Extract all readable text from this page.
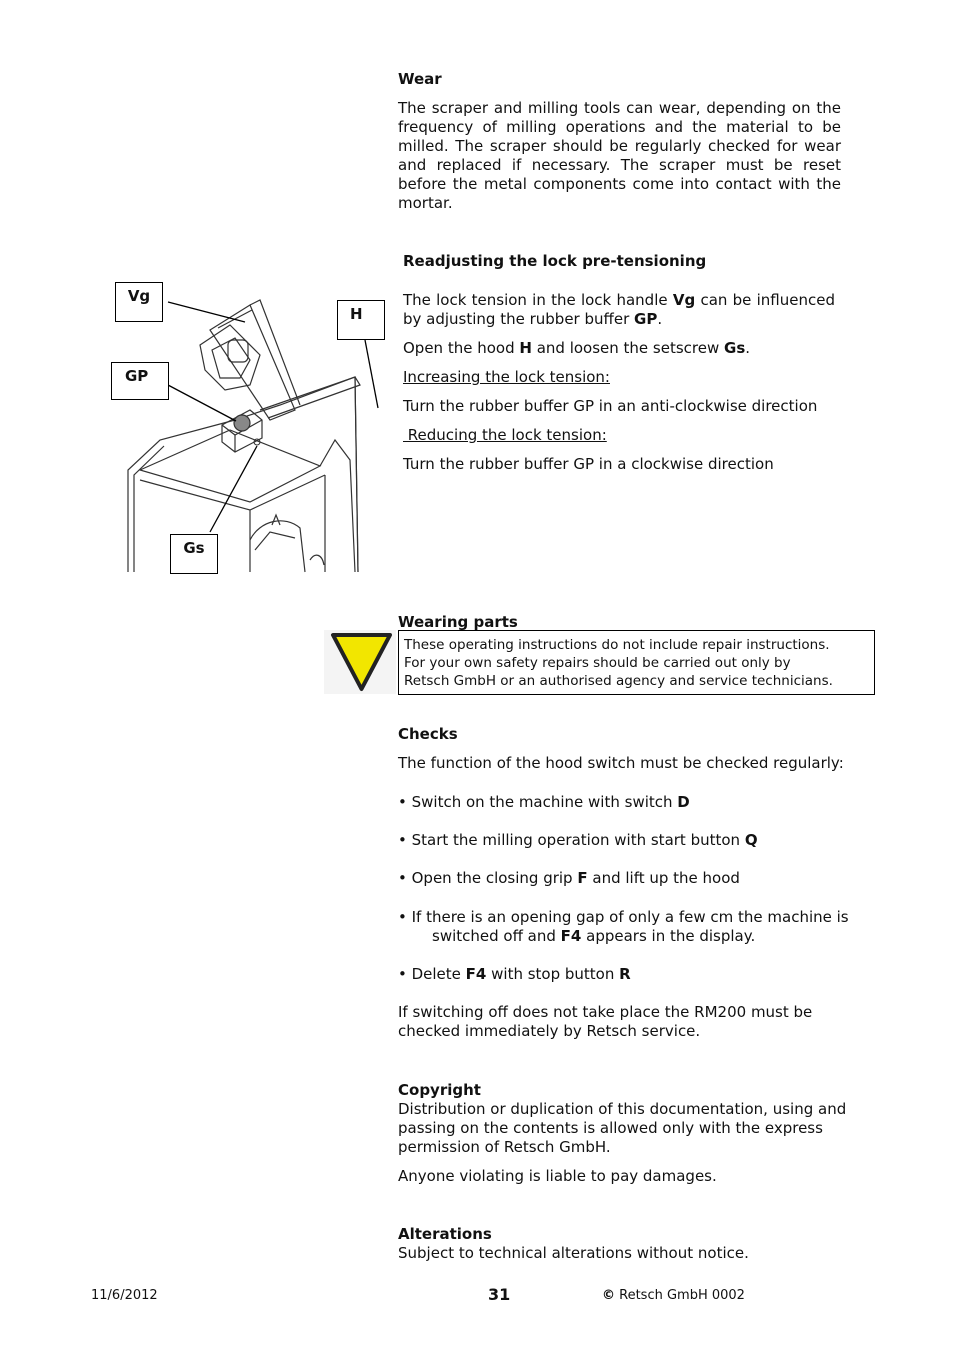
Wear

The scraper and milling tools can wear, depending on the frequency of milling operations and the material to be milled. The scraper should be regularly checked for wear and replaced if necessary. The scraper must be reset before the metal components come into contact with the mortar.

Readjusting the lock pre-tensioning

The lock tension in the lock handle Vg can be influenced by adjusting the rubber buffer GP.

Open the hood H and loosen the setscrew Gs.

Increasing the lock tension:

Turn the rubber buffer GP in an anti-clockwise direction

Reducing the lock tension:

Turn the rubber buffer GP in a clockwise direction

Vg
H
GP
Gs

Wearing parts

These operating instructions do not include repair instructions.
For your own safety repairs should be carried out only by
Retsch GmbH or an authorised agency and service technicians.

Checks

The function of the hood switch must be checked regularly:

• Switch on the machine with switch D

• Start the milling operation with start button Q

• Open the closing grip F and lift up the hood

• If there is an opening gap of only a few cm the machine is

switched off and F4 appears in the display.

• Delete F4 with stop button R

If switching off does not take place the RM200 must be checked immediately by Retsch service.

Copyright

Distribution or duplication of this documentation, using and passing on the contents is allowed only with the express permission of Retsch GmbH.

Anyone violating is liable to pay damages.

Alterations

Subject to technical alterations without notice.

11/6/2012	31	© Retsch GmbH 0002
